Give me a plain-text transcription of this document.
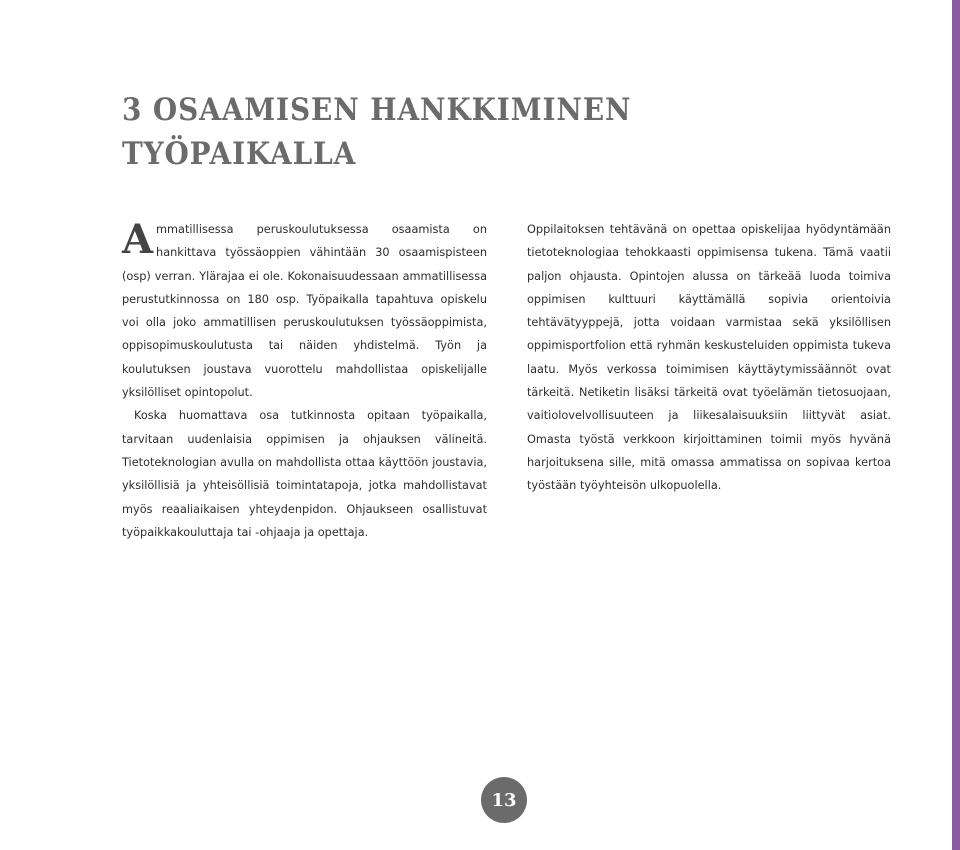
3 OSAAMISEN HANKKIMINEN
TYÖPAIKALLA

Ammatillisessa peruskoulutuksessa osaamista on hankittava työssäoppien vähintään 30 osaamispisteen (osp) verran. Ylärajaa ei ole. Kokonaisuudessaan ammatillisessa perustutkinnossa on 180 osp. Työpaikalla tapahtuva opiskelu voi olla joko ammatillisen peruskoulutuksen työssäoppimista, oppisopimuskoulutusta tai näiden yhdistelmä. Työn ja koulutuksen joustava vuorottelu mahdollistaa opiskelijalle yksilölliset opintopolut.

Koska huomattava osa tutkinnosta opitaan työpaikalla, tarvitaan uudenlaisia oppimisen ja ohjauksen välineitä. Tietoteknologian avulla on mahdollista ottaa käyttöön joustavia, yksilöllisiä ja yhteisöllisiä toimintatapoja, jotka mahdollistavat myös reaaliaikaisen yhteydenpidon. Ohjaukseen osallistuvat työpaikkakouluttaja tai -ohjaaja ja opettaja.

Oppilaitoksen tehtävänä on opettaa opiskelijaa hyödyntämään tietoteknologiaa tehokkaasti oppimisensa tukena. Tämä vaatii paljon ohjausta. Opintojen alussa on tärkeää luoda toimiva oppimisen kulttuuri käyttämällä sopivia orientoivia tehtävätyyppejä, jotta voidaan varmistaa sekä yksilöllisen oppimisportfolion että ryhmän keskusteluiden oppimista tukeva laatu. Myös verkossa toimimisen käyttäytymissäännöt ovat tärkeitä. Netiketin lisäksi tärkeitä ovat työelämän tietosuojaan, vaitiolovelvollisuuteen ja liikesalaisuuksiin liittyvät asiat. Omasta työstä verkkoon kirjoittaminen toimii myös hyvänä harjoituksena sille, mitä omassa ammatissa on sopivaa kertoa työstään työyhteisön ulkopuolella.

13
